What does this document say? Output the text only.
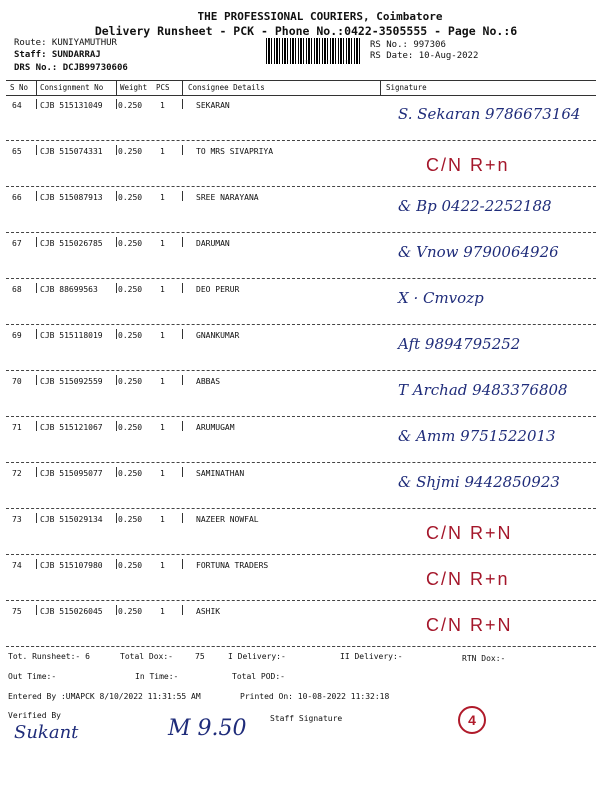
THE PROFESSIONAL COURIERS, Coimbatore
Delivery Runsheet - PCK - Phone No.:0422-3505555 - Page No.:6
Route: KUNIYAMUTHUR
Staff: SUNDARRAJ
DRS No.: DCJB99730606
RS No.: 997306
RS Date: 10-Aug-2022
S No Consignment No Weight PCS Consignee Details	Signature
64 CJB 515131049 0.250 1	SEKARAN	S. Sekaran 9786673164
65 CJB 515074331 0.250 1	TO MRS SIVAPRIYA
C/N R+n
66 CJB 515087913 0.250 1	SREE NARAYANA	& Bp 0422-2252188
67 CJB 515026785 0.250 1	DARUMAN	& Vnow 9790064926
68 CJB 88699563	0.250 1	DEO PERUR	X · Cmvozp
69 CJB 515118019 0.250 1	GNANKUMAR	Aft 9894795252
70 CJB 515092559 0.250 1	ABBAS	T Archad 9483376808
71 CJB 515121067 0.250 1	ARUMUGAM	& Amm 9751522013
72 CJB 515095077 0.250 1	SAMINATHAN	& Shjmi 9442850923
73 CJB 515029134 0.250 1	NAZEER NOWFAL
C/N R+N
74 CJB 515107980 0.250 1	FORTUNA TRADERS
C/N R+n
75 CJB 515026045 0.250 1	ASHIK
C/N R+N
Tot. Runsheet:- 6	Total Dox:-	75	I Delivery:-	II Delivery:-	RTN Dox:-
Out Time:-	In Time:-	Total POD:-
Entered By :UMAPCK 8/10/2022 11:31:55 AM	Printed On: 10-08-2022 11:32:18
Verified By	Staff Signature
Sukant	M 9.50	4
